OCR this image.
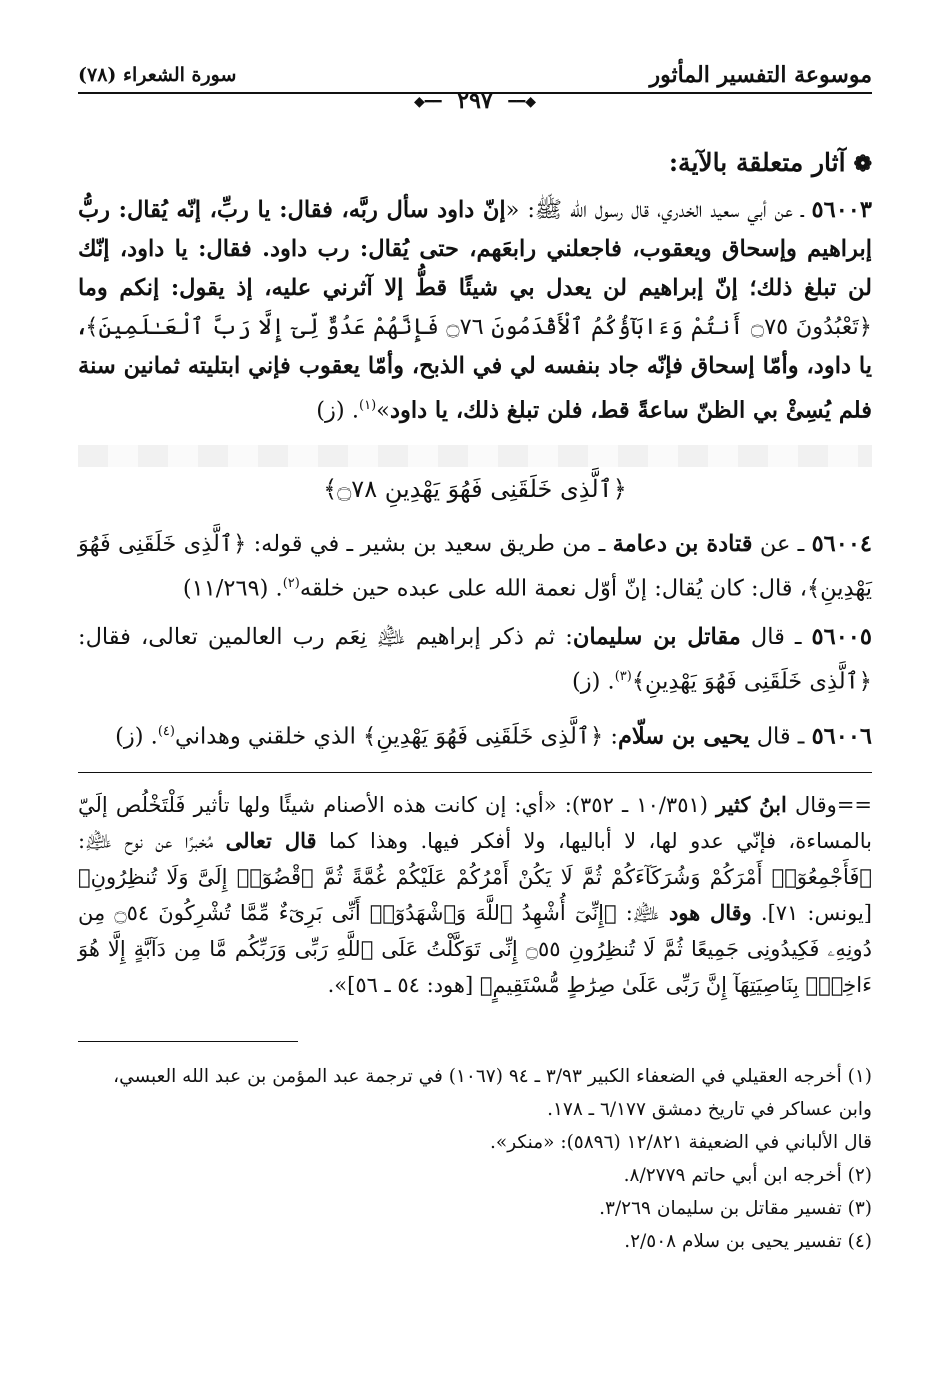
موسوعة التفسير المأثور
سورة الشعراء (٧٨)
◆━━ ٢٩٧ ━━◆
❁آثار متعلقة بالآية:

٥٦٠٠٣ ـ عن أبي سعيد الخدري، قال رسول الله ﷺ: «إنّ داود سأل ربَّه، فقال: يا ربِّ، إنّه يُقال: ربُّ إبراهيم وإسحاق ويعقوب، فاجعلني رابعَهم، حتى يُقال: رب داود. فقال: يا داود، إنّك لن تبلغ ذلك؛ إنّ إبراهيم لن يعدل بي شيئًا قطُّ إلا آثرني عليه، إذ يقول: إنكم وما ﴿تَعْبُدُونَ ۝٧٥ أَنتُمْ وَءَابَآؤُكُمُ ٱلْأَقْدَمُونَ ۝٧٦ فَإِنَّهُمْ عَدُوٌّ لِّىٓ إِلَّا رَبَّ ٱلْعَـٰلَمِينَ﴾، يا داود، وأمّا إسحاق فإنّه جاد بنفسه لي في الذبح، وأمّا يعقوب فإني ابتليته ثمانين سنة فلم يُسِئْ بي الظنّ ساعةً قط، فلن تبلغ ذلك، يا داود»$^{(١)}$. (ز)

﴿ٱلَّذِى خَلَقَنِى فَهُوَ يَهْدِينِ ۝٧٨﴾

٥٦٠٠٤ ـ عن قتادة بن دعامة ـ من طريق سعيد بن بشير ـ في قوله: ﴿ٱلَّذِى خَلَقَنِى فَهُوَ يَهْدِينِ﴾، قال: كان يُقال: إنّ أوّل نعمة الله على عبده حين خلقه$^{(٢)}$. (١١/٢٦٩)

٥٦٠٠٥ ـ قال مقاتل بن سليمان: ثم ذكر إبراهيم ﵇ نِعَم رب العالمين تعالى، فقال: ﴿ٱلَّذِى خَلَقَنِى فَهُوَ يَهْدِينِ﴾$^{(٣)}$. (ز)

٥٦٠٠٦ ـ قال يحيى بن سلّام: ﴿ٱلَّذِى خَلَقَنِى فَهُوَ يَهْدِينِ﴾ الذي خلقني وهداني$^{(٤)}$. (ز)

==وقال ابنُ كثير (١٠/٣٥١ ـ ٣٥٢): «أي: إن كانت هذه الأصنام شيئًا ولها تأثير فَلْتَخْلُص إلَيّ بالمساءة، فإنّي عدو لها، لا أباليها، ولا أفكر فيها. وهذا كما قال تعالى مُخبرًا عن نوح ﵇: ﴿فَأَجْمِعُوٓا۟ أَمْرَكُمْ وَشُرَكَآءَكُمْ ثُمَّ لَا يَكُنْ أَمْرُكُمْ عَلَيْكُمْ غُمَّةً ثُمَّ ٱقْضُوٓا۟ إِلَىَّ وَلَا تُنظِرُونِ﴾ [يونس: ٧١]. وقال هود ﵇: ﴿إِنِّىٓ أُشْهِدُ ٱللَّهَ وَٱشْهَدُوٓا۟ أَنِّى بَرِىٓءٌ مِّمَّا تُشْرِكُونَ ۝٥٤ مِن دُونِهِۦ فَكِيدُونِى جَمِيعًا ثُمَّ لَا تُنظِرُونِ ۝٥٥ إِنِّى تَوَكَّلْتُ عَلَى ٱللَّهِ رَبِّى وَرَبِّكُم مَّا مِن دَآبَّةٍ إِلَّا هُوَ ءَاخِذٌۢ بِنَاصِيَتِهَآ إِنَّ رَبِّى عَلَىٰ صِرَٰطٍ مُّسْتَقِيمٍ﴾ [هود: ٥٤ ـ ٥٦]».

(١) أخرجه العقيلي في الضعفاء الكبير ٣/٩٣ ـ ٩٤ (١٠٦٧) في ترجمة عبد المؤمن بن عبد الله العبسي، وابن عساكر في تاريخ دمشق ٦/١٧٧ ـ ١٧٨.
قال الألباني في الضعيفة ١٢/٨٢١ (٥٨٩٦): «منكر».
(٢) أخرجه ابن أبي حاتم ٨/٢٧٧٩.
(٣) تفسير مقاتل بن سليمان ٣/٢٦٩.
(٤) تفسير يحيى بن سلام ٢/٥٠٨.
